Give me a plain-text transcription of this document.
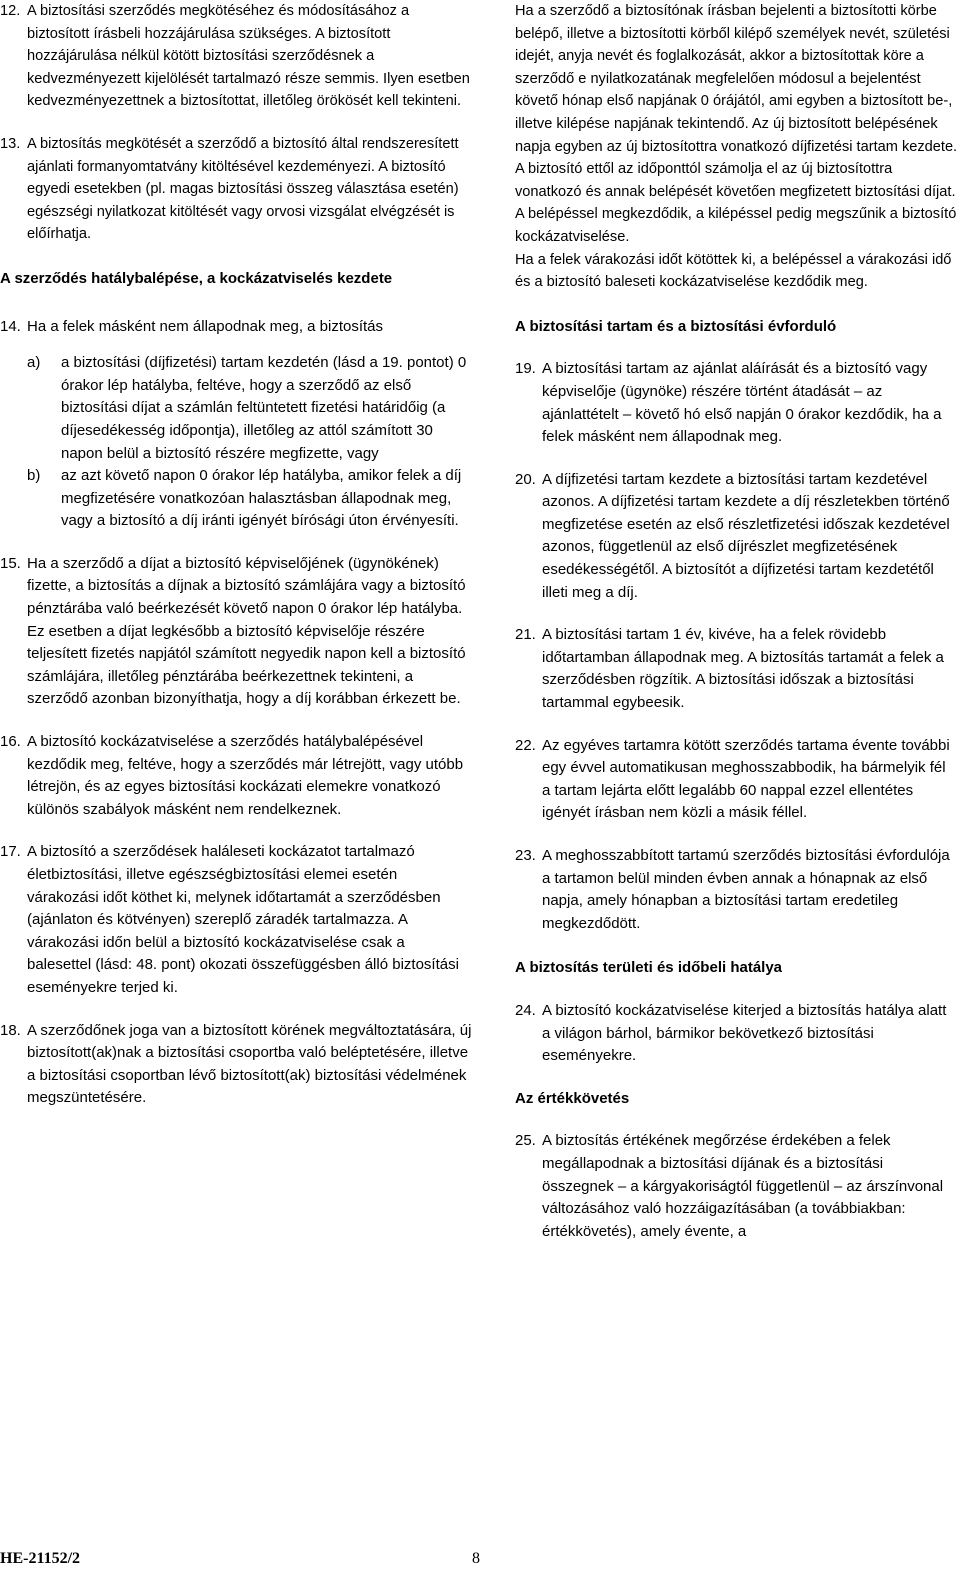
12. A biztosítási szerződés megkötéséhez és módosításához a biztosított írásbeli hozzájárulása szükséges. A biztosított hozzájárulása nélkül kötött biztosítási szerződésnek a kedvezményezett kijelölését tartalmazó része semmis. Ilyen esetben kedvezményezettnek a biztosítottat, illetőleg örökösét kell tekinteni.
13. A biztosítás megkötését a szerződő a biztosító által rendszeresített ajánlati formanyomtatvány kitöltésével kezdeményezi. A biztosító egyedi esetekben (pl. magas biztosítási összeg választása esetén) egészségi nyilatkozat kitöltését vagy orvosi vizsgálat elvégzését is előírhatja.
A szerződés hatálybalépése, a kockázatviselés kezdete
14. Ha a felek másként nem állapodnak meg, a biztosítás
a)	a biztosítási (díjfizetési) tartam kezdetén (lásd a 19. pontot) 0 órakor lép hatályba, feltéve, hogy a szerződő az első biztosítási díjat a számlán feltüntetett fizetési határidőig (a díjesedékesség időpontja), illetőleg az attól számított 30 napon belül a biztosító részére megfizette, vagy
b)	az azt követő napon 0 órakor lép hatályba, amikor felek a díj megfizetésére vonatkozóan halasztásban állapodnak meg, vagy a biztosító a díj iránti igényét bírósági úton érvényesíti.
15. Ha a szerződő a díjat a biztosító képviselőjének (ügynökének) fizette, a biztosítás a díjnak a biztosító számlájára vagy a biztosító pénztárába való beérkezését követő napon 0 órakor lép hatályba. Ez esetben a díjat legkésőbb a biztosító képviselője részére teljesített fizetés napjától számított negyedik napon kell a biztosító számlájára, illetőleg pénztárába beérkezettnek tekinteni, a szerződő azonban bizonyíthatja, hogy a díj korábban érkezett be.
16. A biztosító kockázatviselése a szerződés hatálybalépésével kezdődik meg, feltéve, hogy a szerződés már létrejött, vagy utóbb létrejön, és az egyes biztosítási kockázati elemekre vonatkozó különös szabályok másként nem rendelkeznek.
17. A biztosító a szerződések haláleseti kockázatot tartalmazó életbiztosítási, illetve egészségbiztosítási elemei esetén várakozási időt köthet ki, melynek időtartamát a szerződésben (ajánlaton és kötvényen) szereplő záradék tartalmazza. A várakozási időn belül a biztosító kockázatviselése csak a balesettel (lásd: 48. pont) okozati összefüggésben álló biztosítási eseményekre terjed ki.
18. A szerződőnek joga van a biztosított körének megváltoztatására, új biztosított(ak)nak a biztosítási csoportba való beléptetésére, illetve a biztosítási csoportban lévő biztosított(ak) biztosítási védelmének megszüntetésére.

Ha a szerződő a biztosítónak írásban bejelenti a biztosítotti körbe belépő, illetve a biztosítotti körből kilépő személyek nevét, születési idejét, anyja nevét és foglalkozását, akkor a biztosítottak köre a szerződő e nyilatkozatának megfelelően módosul a bejelentést követő hónap első napjának 0 órájától, ami egyben a biztosított be-, illetve kilépése napjának tekintendő. Az új biztosított belépésének napja egyben az új biztosítottra vonatkozó díjfizetési tartam kezdete. A biztosító ettől az időponttól számolja el az új biztosítottra vonatkozó és annak belépését követően megfizetett biztosítási díjat. A belépéssel megkezdődik, a kilépéssel pedig megszűnik a biztosító kockázatviselése.

Ha a felek várakozási időt kötöttek ki, a belépéssel a várakozási idő és a biztosító baleseti kockázatviselése kezdődik meg.

A biztosítási tartam és a biztosítási évforduló
19. A biztosítási tartam az ajánlat aláírását és a biztosító vagy képviselője (ügynöke) részére történt átadását – az ajánlattételt – követő hó első napján 0 órakor kezdődik, ha a felek másként nem állapodnak meg.
20. A díjfizetési tartam kezdete a biztosítási tartam kezdetével azonos. A díjfizetési tartam kezdete a díj részletekben történő megfizetése esetén az első részletfizetési időszak kezdetével azonos, függetlenül az első díjrészlet megfizetésének esedékességétől. A biztosítót a díjfizetési tartam kezdetétől illeti meg a díj.
21. A biztosítási tartam 1 év, kivéve, ha a felek rövidebb időtartamban állapodnak meg. A biztosítás tartamát a felek a szerződésben rögzítik. A biztosítási időszak a biztosítási tartammal egybeesik.
22. Az egyéves tartamra kötött szerződés tartama évente további egy évvel automatikusan meghosszabbodik, ha bármelyik fél a tartam lejárta előtt legalább 60 nappal ezzel ellentétes igényét írásban nem közli a másik féllel.
23. A meghosszabbított tartamú szerződés biztosítási évfordulója a tartamon belül minden évben annak a hónapnak az első napja, amely hónapban a biztosítási tartam eredetileg megkezdődött.
A biztosítás területi és időbeli hatálya
24. A biztosító kockázatviselése kiterjed a biztosítás hatálya alatt a világon bárhol, bármikor bekövetkező biztosítási eseményekre.
Az értékkövetés
25. A biztosítás értékének megőrzése érdekében a felek megállapodnak a biztosítási díjának és a biztosítási összegnek – a kárgyakoriságtól függetlenül – az árszínvonal változásához való hozzáigazításában (a továbbiakban: értékkövetés), amely évente, a
HE-21152/2	8
